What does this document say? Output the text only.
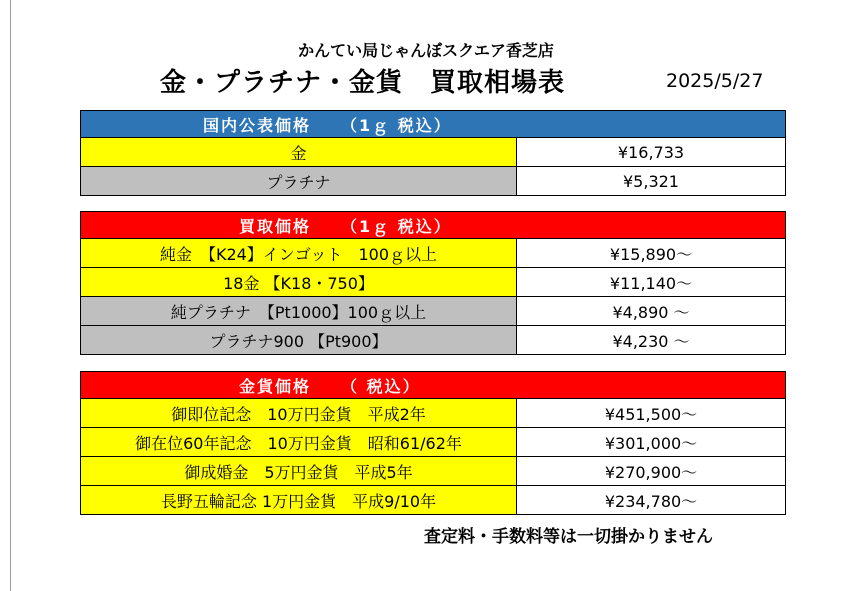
かんてい局じゃんぼスクエア香芝店
金・プラチナ・金貨　買取相場表	2025/5/27
国内公表価格 （1ｇ 税込）	
金	¥16,733
プラチナ	¥5,321
買取価格 （1ｇ 税込）	
純金　【K24】インゴット　100ｇ以上	¥15,890～
18金 【K18・750】	¥11,140～
純プラチナ　【Pt1000】100ｇ以上	¥4,890 ～
プラチナ900 【Pt900】	¥4,230 ～
金貨価格 （ 税込）	
御即位記念　10万円金貨　平成2年	¥451,500～
御在位60年記念　10万円金貨　昭和61/62年	¥301,000～
御成婚金　5万円金貨　平成5年	¥270,900～
長野五輪記念 1万円金貨　平成9/10年	¥234,780～
査定料・手数料等は一切掛かりません
